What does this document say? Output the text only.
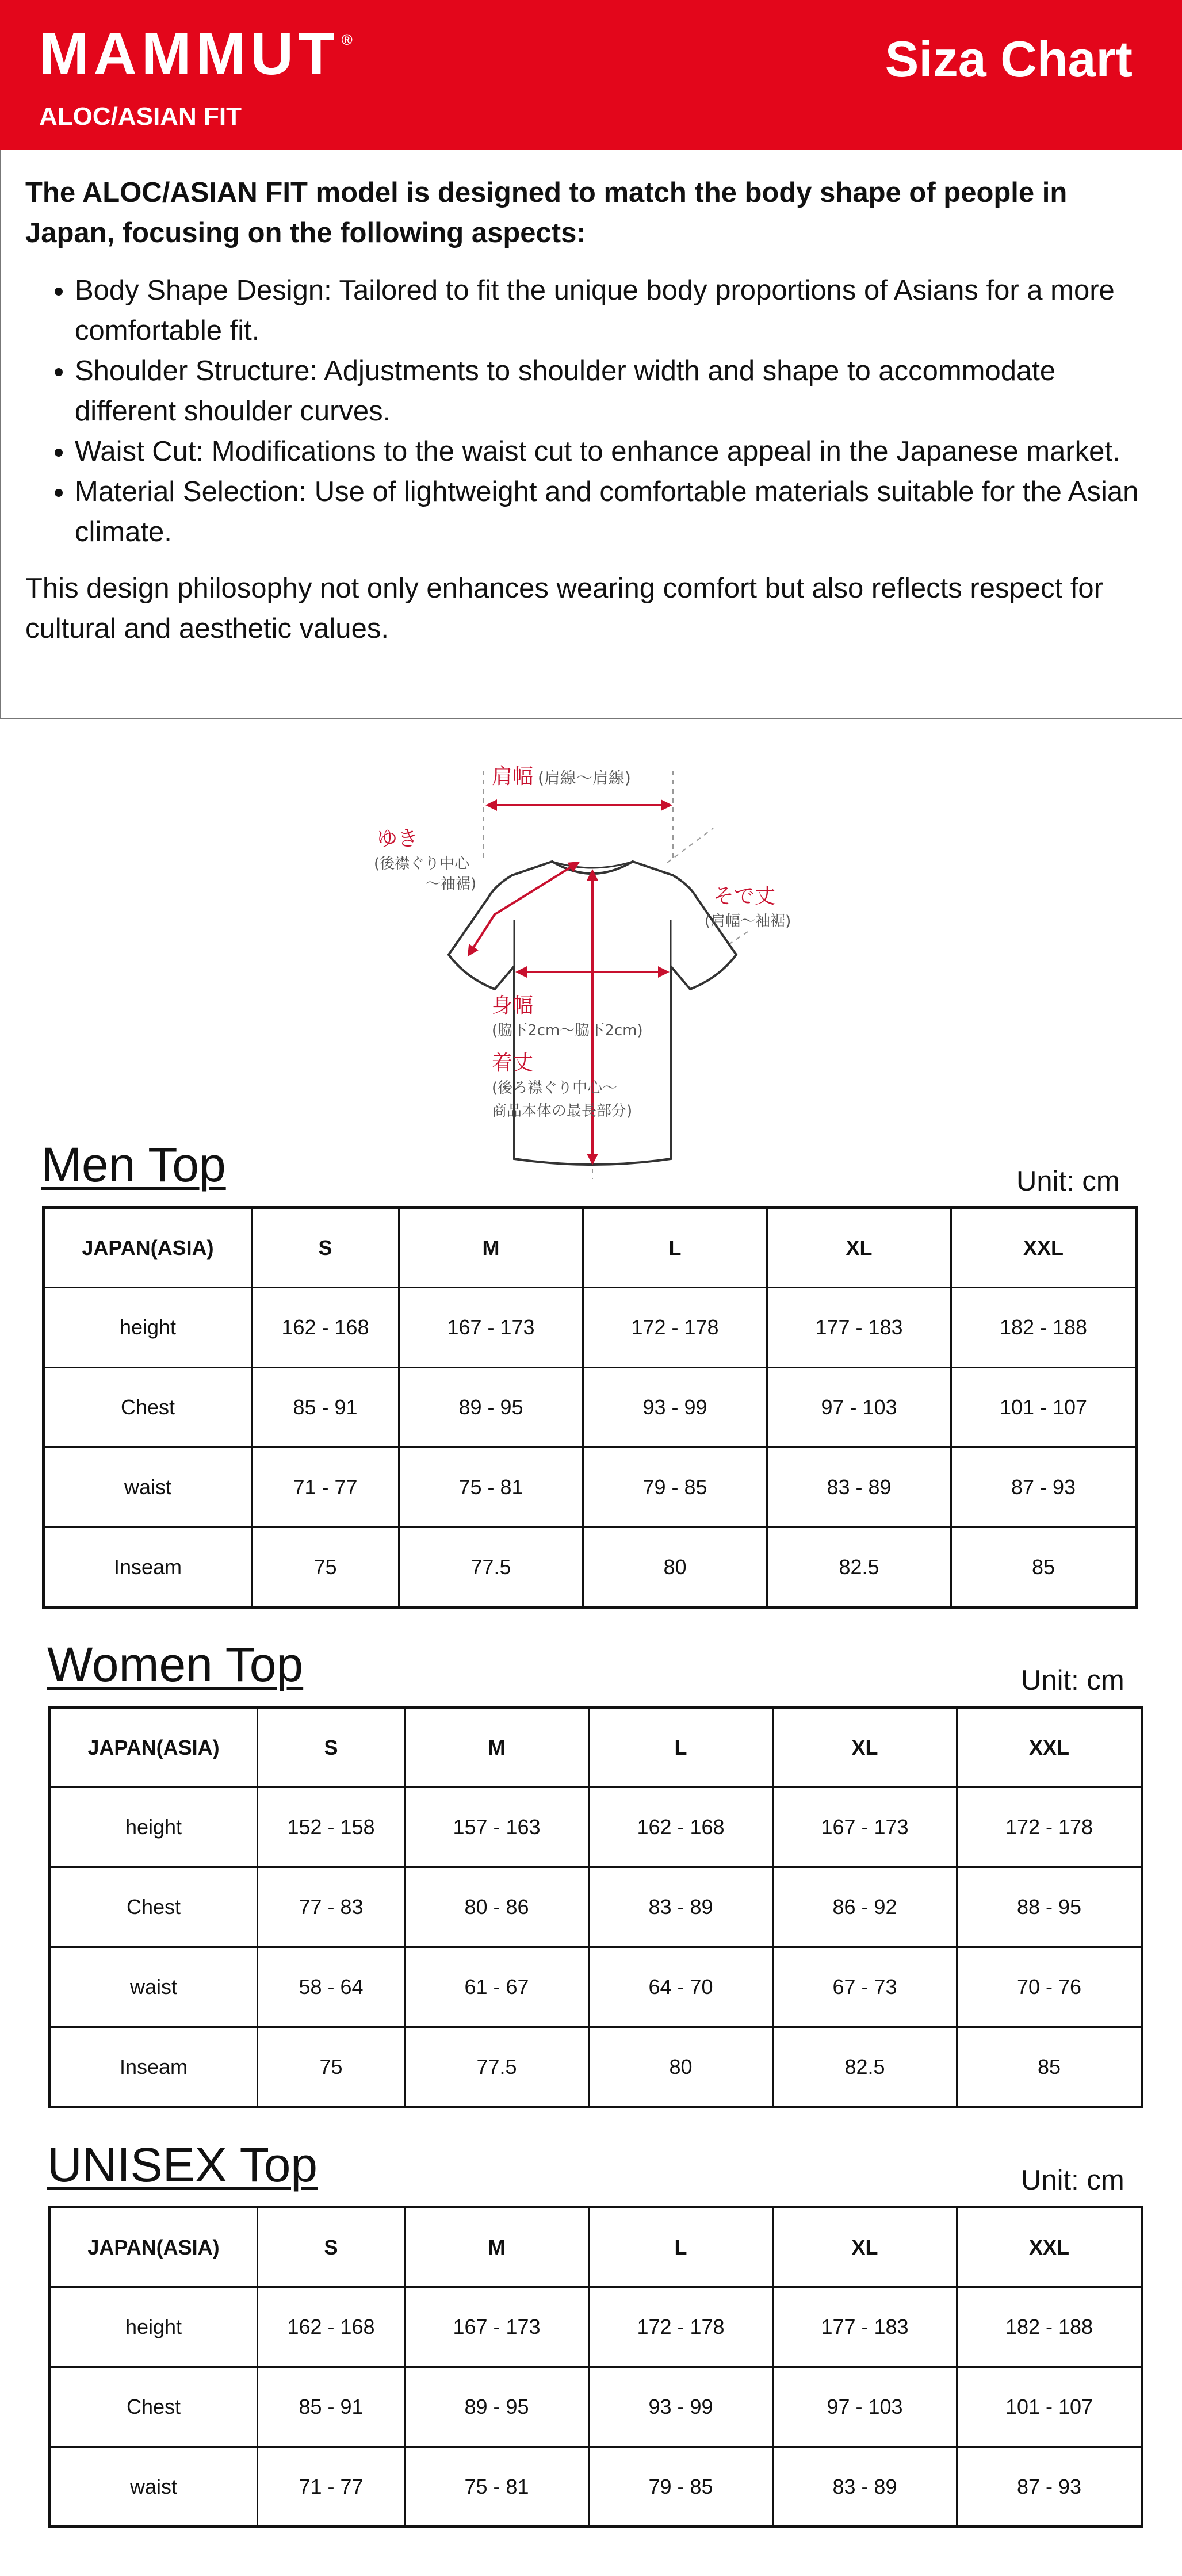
MAMMUT ®
ALOC/ASIAN FIT
Siza Chart

The ALOC/ASIAN FIT model is designed to match the body shape of people in Japan, focusing on the following aspects:

• Body Shape Design: Tailored to fit the unique body proportions of Asians for a more comfortable fit.
• Shoulder Structure: Adjustments to shoulder width and shape to accommodate different shoulder curves.
• Waist Cut: Modifications to the waist cut to enhance appeal in the Japanese market.
• Material Selection: Use of lightweight and comfortable materials suitable for the Asian climate.

This design philosophy not only enhances wearing comfort but also reflects respect for cultural and aesthetic values.

肩幅 (肩線〜肩線)
ゆき
(後襟ぐり中心
〜袖裾)
そで丈
(肩幅〜袖裾)
身幅
(脇下2cm〜脇下2cm)
着丈
(後ろ襟ぐり中心〜
商品本体の最長部分)
Men Top	Unit: cm
JAPAN(ASIA)	S	M	L	XL	XXL
height	162 - 168	167 - 173	172 - 178	177 - 183	182 - 188
Chest	85 - 91	89 - 95	93 - 99	97 - 103	101 - 107
waist	71 - 77	75 - 81	79 - 85	83 - 89	87 - 93
Inseam	75	77.5	80	82.5	85
Women Top	Unit: cm
JAPAN(ASIA)	S	M	L	XL	XXL
height	152 - 158	157 - 163	162 - 168	167 - 173	172 - 178
Chest	77 - 83	80 - 86	83 - 89	86 - 92	88 - 95
waist	58 - 64	61 - 67	64 - 70	67 - 73	70 - 76
Inseam	75	77.5	80	82.5	85
UNISEX Top	Unit: cm
JAPAN(ASIA)	S	M	L	XL	XXL
height	162 - 168	167 - 173	172 - 178	177 - 183	182 - 188
Chest	85 - 91	89 - 95	93 - 99	97 - 103	101 - 107
waist	71 - 77	75 - 81	79 - 85	83 - 89	87 - 93
